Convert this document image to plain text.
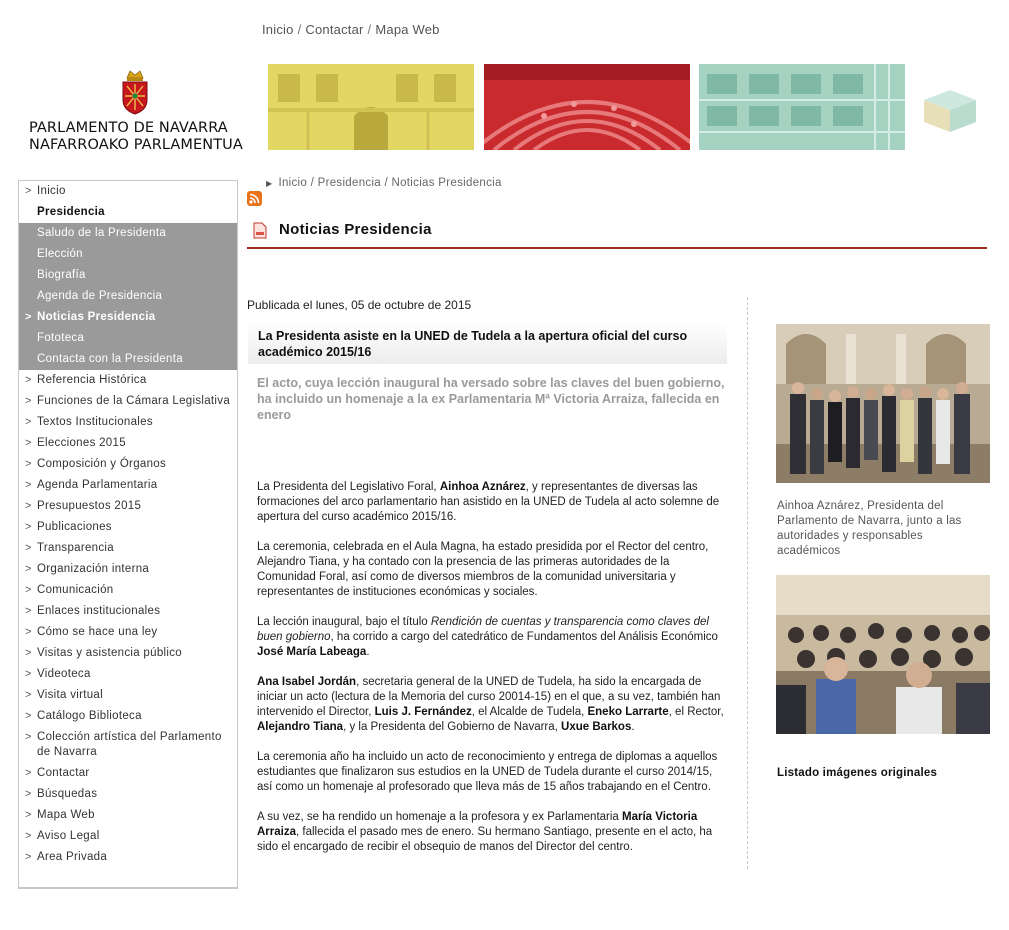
Inicio / Contactar / Mapa Web
PARLAMENTO DE NAVARRA
NAFARROAKO PARLAMENTUA
> Inicio
Presidencia
Saludo de la Presidenta
Elección
Biografía
Agenda de Presidencia
> Noticias Presidencia
Fototeca
Contacta con la Presidenta
> Referencia Histórica
> Funciones de la Cámara Legislativa
> Textos Institucionales
> Elecciones 2015
> Composición y Órganos
> Agenda Parlamentaria
> Presupuestos 2015
> Publicaciones
> Transparencia
> Organización interna
> Comunicación
> Enlaces institucionales
> Cómo se hace una ley
> Visitas y asistencia público
> Videoteca
> Visita virtual
> Catálogo Biblioteca
> Colección artística del Parlamento de Navarra
> Contactar
> Búsquedas
> Mapa Web
> Aviso Legal
> Area Privada
▶ Inicio / Presidencia / Noticias Presidencia
Noticias Presidencia
Publicada el lunes, 05 de octubre de 2015
La Presidenta asiste en la UNED de Tudela a la apertura oficial del curso académico 2015/16
El acto, cuya lección inaugural ha versado sobre las claves del buen gobierno, ha incluido un homenaje a la ex Parlamentaria Mª Victoria Arraiza, fallecida en enero

La Presidenta del Legislativo Foral, Ainhoa Aznárez, y representantes de diversas las formaciones del arco parlamentario han asistido en la UNED de Tudela al acto solemne de apertura del curso académico 2015/16.

La ceremonia, celebrada en el Aula Magna, ha estado presidida por el Rector del centro, Alejandro Tiana, y ha contado con la presencia de las primeras autoridades de la Comunidad Foral, así como de diversos miembros de la comunidad universitaria y representantes de instituciones económicas y sociales.

La lección inaugural, bajo el título Rendición de cuentas y transparencia como claves del buen gobierno, ha corrido a cargo del catedrático de Fundamentos del Análisis Económico José María Labeaga.

Ana Isabel Jordán, secretaria general de la UNED de Tudela, ha sido la encargada de iniciar un acto (lectura de la Memoria del curso 20014-15) en el que, a su vez, también han intervenido el Director, Luis J. Fernández, el Alcalde de Tudela, Eneko Larrarte, el Rector, Alejandro Tiana, y la Presidenta del Gobierno de Navarra, Uxue Barkos.

La ceremonia año ha incluido un acto de reconocimiento y entrega de diplomas a aquellos estudiantes que finalizaron sus estudios en la UNED de Tudela durante el curso 2014/15, así como un homenaje al profesorado que lleva más de 15 años trabajando en el Centro.

A su vez, se ha rendido un homenaje a la profesora y ex Parlamentaria María Victoria Arraiza, fallecida el pasado mes de enero. Su hermano Santiago, presente en el acto, ha sido el encargado de recibir el obsequio de manos del Director del centro.

Ainhoa Aznárez, Presidenta del Parlamento de Navarra, junto a las autoridades y responsables académicos
Listado imágenes originales
